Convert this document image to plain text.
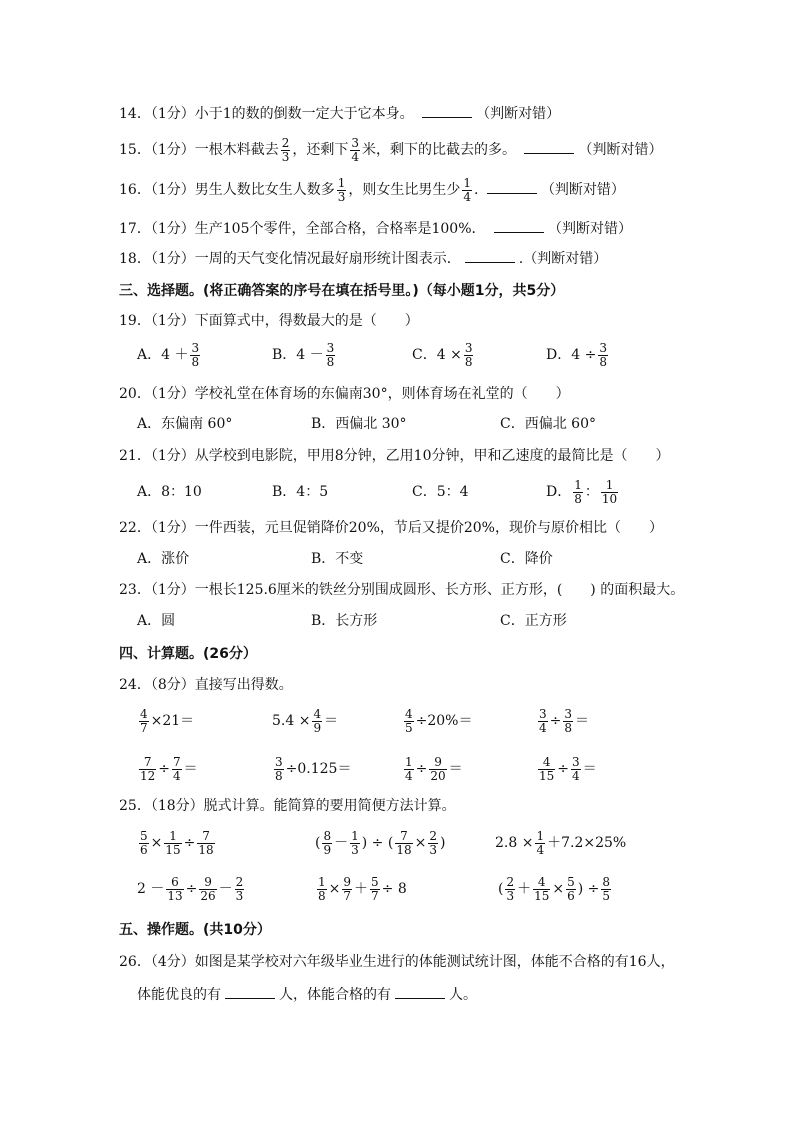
14．（1分）小于1的数的倒数一定大于它本身。	（判断对错）
15．（1分）一根木料截去 $\frac{2}{3}$ ，还剩下 $\frac{3}{4}$ 米，剩下的比截去的多。	（判断对错）
16．（1分）男生人数比女生人数多 $\frac{1}{3}$ ，则女生比男生少 $\frac{1}{4}$ .	（判断对错）
17．（1分）生产105个零件，全部合格，合格率是100%．	（判断对错）
18．（1分）一周的天气变化情况最好扇形统计图表示．	.（判断对错）
三、选择题。(将正确答案的序号在填在括号里。)（每小题1分，共5分）
19．（1分）下面算式中，得数最大的是（　　）
A．$4 + \frac{3}{8}$	B．$4 - \frac{3}{8}$	C．$4 \times \frac{3}{8}$	D．$4 \div \frac{3}{8}$
20．（1分）学校礼堂在体育场的东偏南30°，则体育场在礼堂的（　　）
A．东偏南 60°	B．西偏北 30°	C．西偏北 60°
21．（1分）从学校到电影院，甲用8分钟，乙用10分钟，甲和乙速度的最简比是（　　）
A．8：10	B．4：5	C．5：4	D． $\frac{1}{8}$ ： $\frac{1}{10}$
22．（1分）一件西装，元旦促销降价20%，节后又提价20%，现价与原价相比（　　）
A．涨价	B．不变	C．降价
23．（1分）一根长125.6厘米的铁丝分别围成圆形、长方形、正方形，(　　) 的面积最大。
A．圆	B．长方形	C．正方形
四、计算题。(26分）
24．（8分）直接写出得数。
$\frac{4}{7} \times 21=$	$5.4 \times \frac{4}{9}$ ＝	$\frac{4}{5} \div 20\%=$	$\frac{3}{4} \div \frac{3}{8}$ ＝
$\frac{7}{12} \div \frac{7}{4}$ ＝	$\frac{3}{8} \div 0.125=$	$\frac{1}{4} \div \frac{9}{20}$ ＝	$\frac{4}{15} \div \frac{3}{4}$ ＝
25．（18分）脱式计算。能简算的要用简便方法计算。
$\frac{5}{6} \times \frac{1}{15} \div \frac{7}{18}$	( $\frac{8}{9} - \frac{1}{3}$ ) ÷ ( $\frac{7}{18} \times \frac{2}{3}$ )	$2.8 \times \frac{1}{4} +7.2\times 25\%$
$2 - \frac{6}{13} \div \frac{9}{26} - \frac{2}{3}$	$\frac{1}{8} \times \frac{9}{7} + \frac{5}{7} \div 8$	( $\frac{2}{3} + \frac{4}{15} \times \frac{5}{6}$ ) ÷ $\frac{8}{5}$
五、操作题。(共10分）
26．（4分）如图是某学校对六年级毕业生进行的体能测试统计图，体能不合格的有16人，
体能优良的有	人，体能合格的有	人。
